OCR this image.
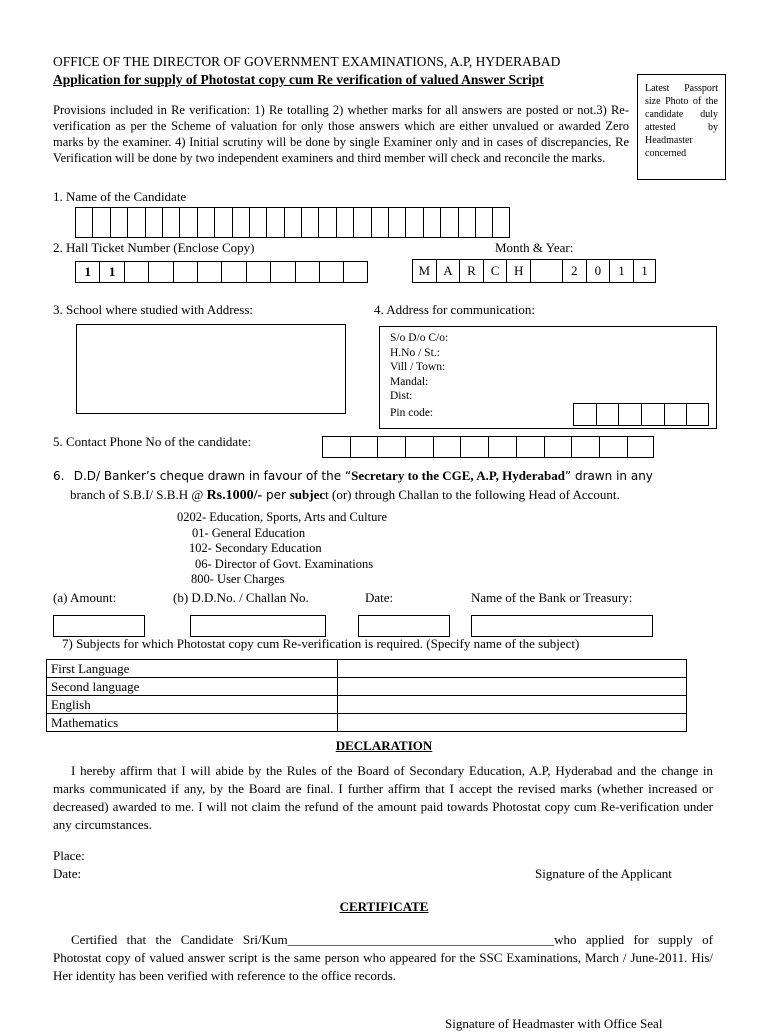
OFFICE OF THE DIRECTOR OF GOVERNMENT EXAMINATIONS, A.P, HYDERABAD
Application for supply of Photostat copy cum Re verification of valued Answer Script
Provisions included in Re verification: 1) Re totalling 2) whether marks for all answers are posted or not.3) Re-verification as per the Scheme of valuation for only those answers which are either unvalued or awarded Zero marks by the examiner. 4) Initial scrutiny will be done by single Examiner only and in cases of discrepancies, Re Verification will be done by two independent examiners and third member will check and reconcile the marks.
Latest Passport size Photo of the candidate duly attested by Headmaster concerned
1. Name of the Candidate
2. Hall Ticket Number (Enclose Copy)	Month & Year:
1	1	M	A	R	C	H	2	0	1	1
3. School where studied with Address:	4. Address for communication:
S/o D/o C/o:
H.No / St.:
Vill / Town:
Mandal:
Dist:
Pin code:
5. Contact Phone No of the candidate:
6. D.D/ Banker’s cheque drawn in favour of the “Secretary to the CGE, A.P, Hyderabad” drawn in any
branch of S.B.I/ S.B.H @ Rs.1000/- per subject (or) through Challan to the following Head of Account.
0202- Education, Sports, Arts and Culture
01- General Education
102- Secondary Education
06- Director of Govt. Examinations
800- User Charges
(a) Amount:	(b) D.D.No. / Challan No.	Date:	Name of the Bank or Treasury:
7) Subjects for which Photostat copy cum Re-verification is required. (Specify name of the subject)
First Language	
Second language	
English	
Mathematics	
DECLARATION
I hereby affirm that I will abide by the Rules of the Board of Secondary Education, A.P, Hyderabad and the change in marks communicated if any, by the Board are final. I further affirm that I accept the revised marks (whether increased or decreased) awarded to me. I will not claim the refund of the amount paid towards Photostat copy cum Re-verification under any circumstances.
Place:
Date:	Signature of the Applicant
CERTIFICATE
Certified that the Candidate Sri/Kum_________________________________________who applied for supply of Photostat copy of valued answer script is the same person who appeared for the SSC Examinations, March / June-2011. His/ Her identity has been verified with reference to the office records.
Signature of Headmaster with Office Seal
